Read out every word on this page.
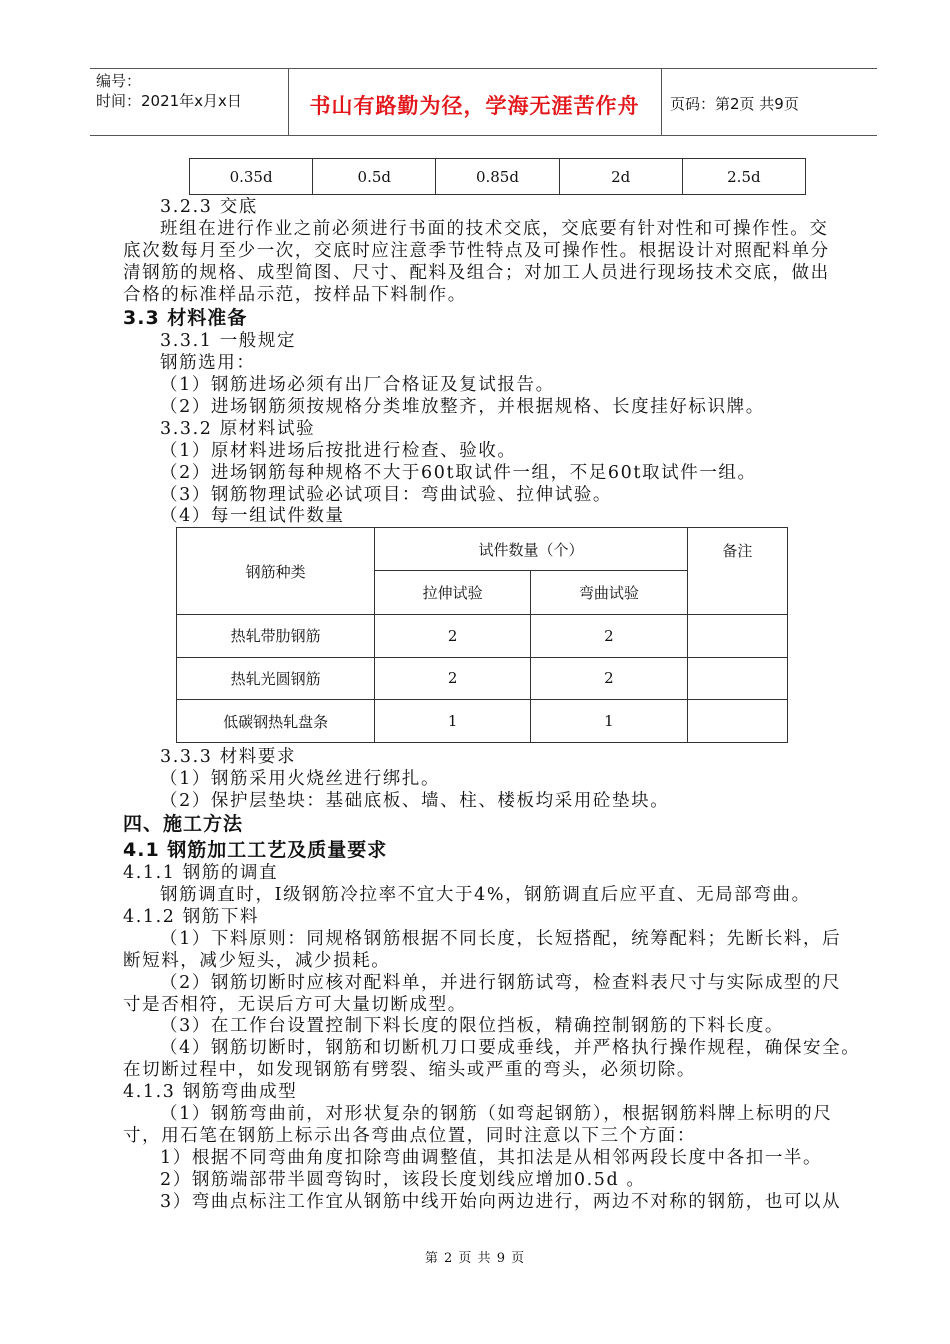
编号：
时间：2021年x月x日	书山有路勤为径，学海无涯苦作舟	页码：第2页 共9页
0.35d	0.5d	0.85d	2d	2.5d
3.2.3 交底
班组在进行作业之前必须进行书面的技术交底，交底要有针对性和可操作性。交
底次数每月至少一次，交底时应注意季节性特点及可操作性。根据设计对照配料单分
清钢筋的规格、成型简图、尺寸、配料及组合；对加工人员进行现场技术交底，做出
合格的标准样品示范，按样品下料制作。
3.3 材料准备
3.3.1 一般规定
钢筋选用：
（1）钢筋进场必须有出厂合格证及复试报告。
（2）进场钢筋须按规格分类堆放整齐，并根据规格、长度挂好标识牌。
3.3.2 原材料试验
（1）原材料进场后按批进行检查、验收。
（2）进场钢筋每种规格不大于60t取试件一组，不足60t取试件一组。
（3）钢筋物理试验必试项目：弯曲试验、拉伸试验。
（4）每一组试件数量
钢筋种类	试件数量（个）		备注
	拉伸试验	弯曲试验	
热轧带肋钢筋	2	2	
热轧光圆钢筋	2	2	
低碳钢热轧盘条	1	1	
3.3.3 材料要求
（1）钢筋采用火烧丝进行绑扎。
（2）保护层垫块：基础底板、墙、柱、楼板均采用砼垫块。
四、施工方法
4.1 钢筋加工工艺及质量要求
4.1.1 钢筋的调直
钢筋调直时，Ⅰ级钢筋冷拉率不宜大于4%，钢筋调直后应平直、无局部弯曲。
4.1.2 钢筋下料
（1）下料原则：同规格钢筋根据不同长度，长短搭配，统筹配料；先断长料，后
断短料，减少短头，减少损耗。
（2）钢筋切断时应核对配料单，并进行钢筋试弯，检查料表尺寸与实际成型的尺
寸是否相符，无误后方可大量切断成型。
（3）在工作台设置控制下料长度的限位挡板，精确控制钢筋的下料长度。
（4）钢筋切断时，钢筋和切断机刀口要成垂线，并严格执行操作规程，确保安全。
在切断过程中，如发现钢筋有劈裂、缩头或严重的弯头，必须切除。
4.1.3 钢筋弯曲成型
（1）钢筋弯曲前，对形状复杂的钢筋（如弯起钢筋），根据钢筋料牌上标明的尺
寸，用石笔在钢筋上标示出各弯曲点位置，同时注意以下三个方面：
1）根据不同弯曲角度扣除弯曲调整值，其扣法是从相邻两段长度中各扣一半。
2）钢筋端部带半圆弯钩时，该段长度划线应增加0.5d 。
3）弯曲点标注工作宜从钢筋中线开始向两边进行，两边不对称的钢筋，也可以从
第 2 页 共 9 页
